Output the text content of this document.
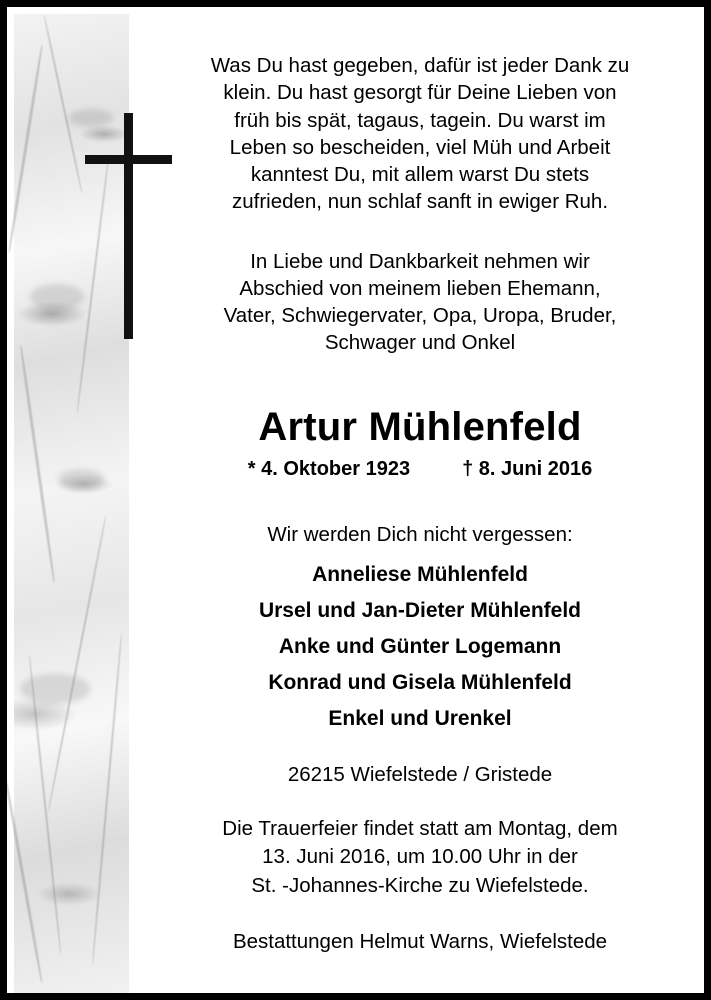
Was Du hast gegeben, dafür ist jeder Dank zu
klein. Du hast gesorgt für Deine Lieben von
früh bis spät, tagaus, tagein. Du warst im
Leben so bescheiden, viel Müh und Arbeit
kanntest Du, mit allem warst Du stets
zufrieden, nun schlaf sanft in ewiger Ruh.
In Liebe und Dankbarkeit nehmen wir
Abschied von meinem lieben Ehemann,
Vater, Schwiegervater, Opa, Uropa, Bruder,
Schwager und Onkel
Artur Mühlenfeld
* 4. Oktober 1923	† 8. Juni 2016
Wir werden Dich nicht vergessen:
Anneliese Mühlenfeld
Ursel und Jan-Dieter Mühlenfeld
Anke und Günter Logemann
Konrad und Gisela Mühlenfeld
Enkel und Urenkel
26215 Wiefelstede / Gristede
Die Trauerfeier findet statt am Montag, dem
13. Juni 2016, um 10.00 Uhr in der
St. -Johannes-Kirche zu Wiefelstede.
Bestattungen Helmut Warns, Wiefelstede
